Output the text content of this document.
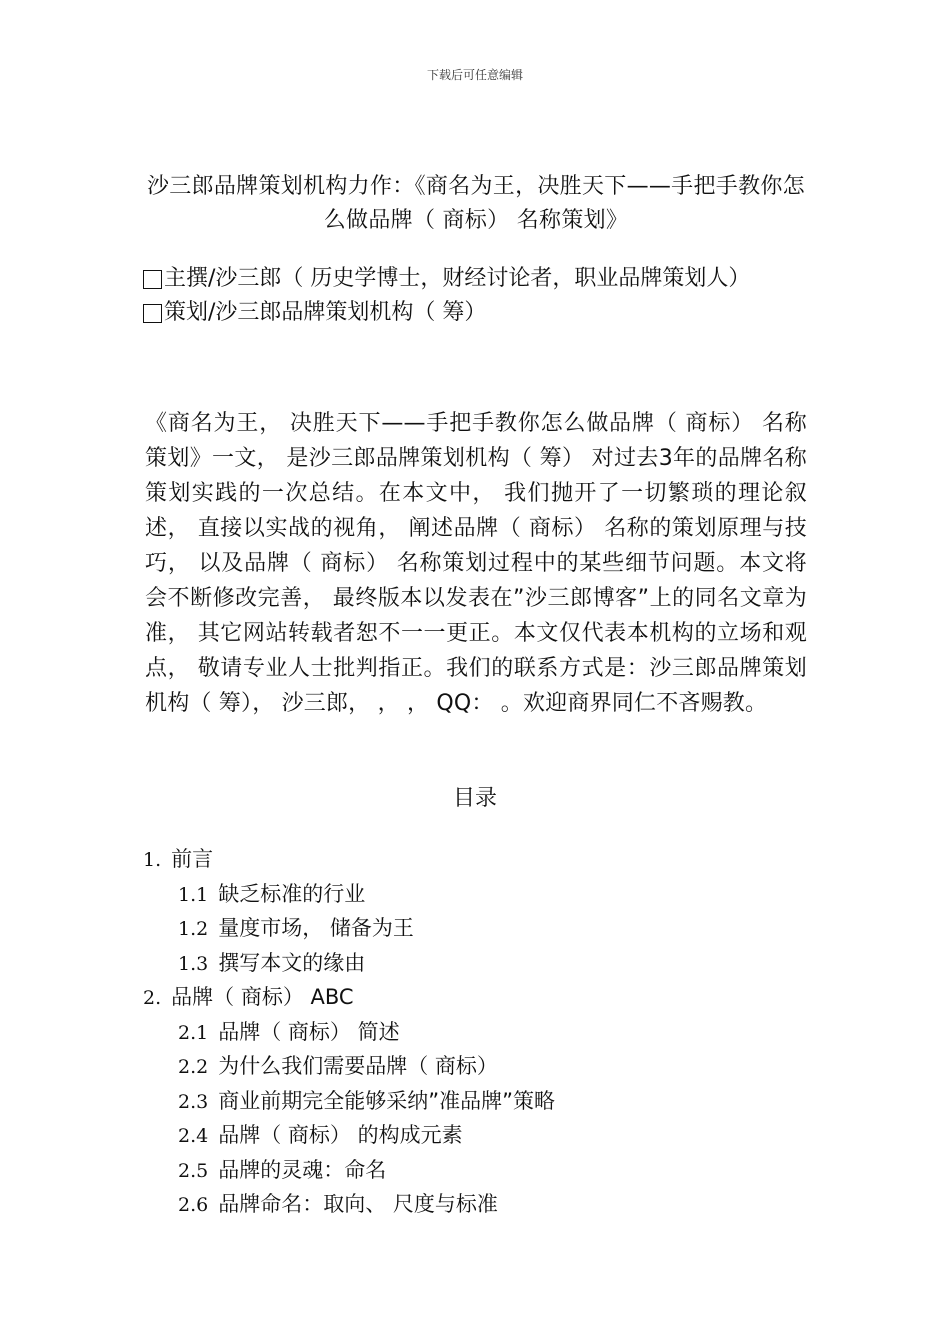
下载后可任意编辑
沙三郎品牌策划机构力作：《商名为王，决胜天下——手把手教你怎么做品牌（ 商标） 名称策划》
主撰/沙三郎（ 历史学博士，财经讨论者，职业品牌策划人）
策划/沙三郎品牌策划机构（ 筹）
《商名为王， 决胜天下——手把手教你怎么做品牌（ 商标） 名称策划》一文， 是沙三郎品牌策划机构（ 筹） 对过去3年的品牌名称策划实践的一次总结。在本文中， 我们抛开了一切繁琐的理论叙述， 直接以实战的视角， 阐述品牌（ 商标） 名称的策划原理与技巧， 以及品牌（ 商标） 名称策划过程中的某些细节问题。本文将会不断修改完善， 最终版本以发表在”沙三郎博客”上的同名文章为准， 其它网站转载者恕不一一更正。本文仅代表本机构的立场和观点， 敬请专业人士批判指正。我们的联系方式是：沙三郎品牌策划机构（ 筹）， 沙三郎， ， ， QQ： 。欢迎商界同仁不吝赐教。
目录
1. 前言
1.1 缺乏标准的行业
1.2 量度市场， 储备为王
1.3 撰写本文的缘由
2. 品牌（ 商标） ABC
2.1 品牌（ 商标） 简述
2.2 为什么我们需要品牌（ 商标）
2.3 商业前期完全能够采纳”准品牌”策略
2.4 品牌（ 商标） 的构成元素
2.5 品牌的灵魂：命名
2.6 品牌命名：取向、 尺度与标准
